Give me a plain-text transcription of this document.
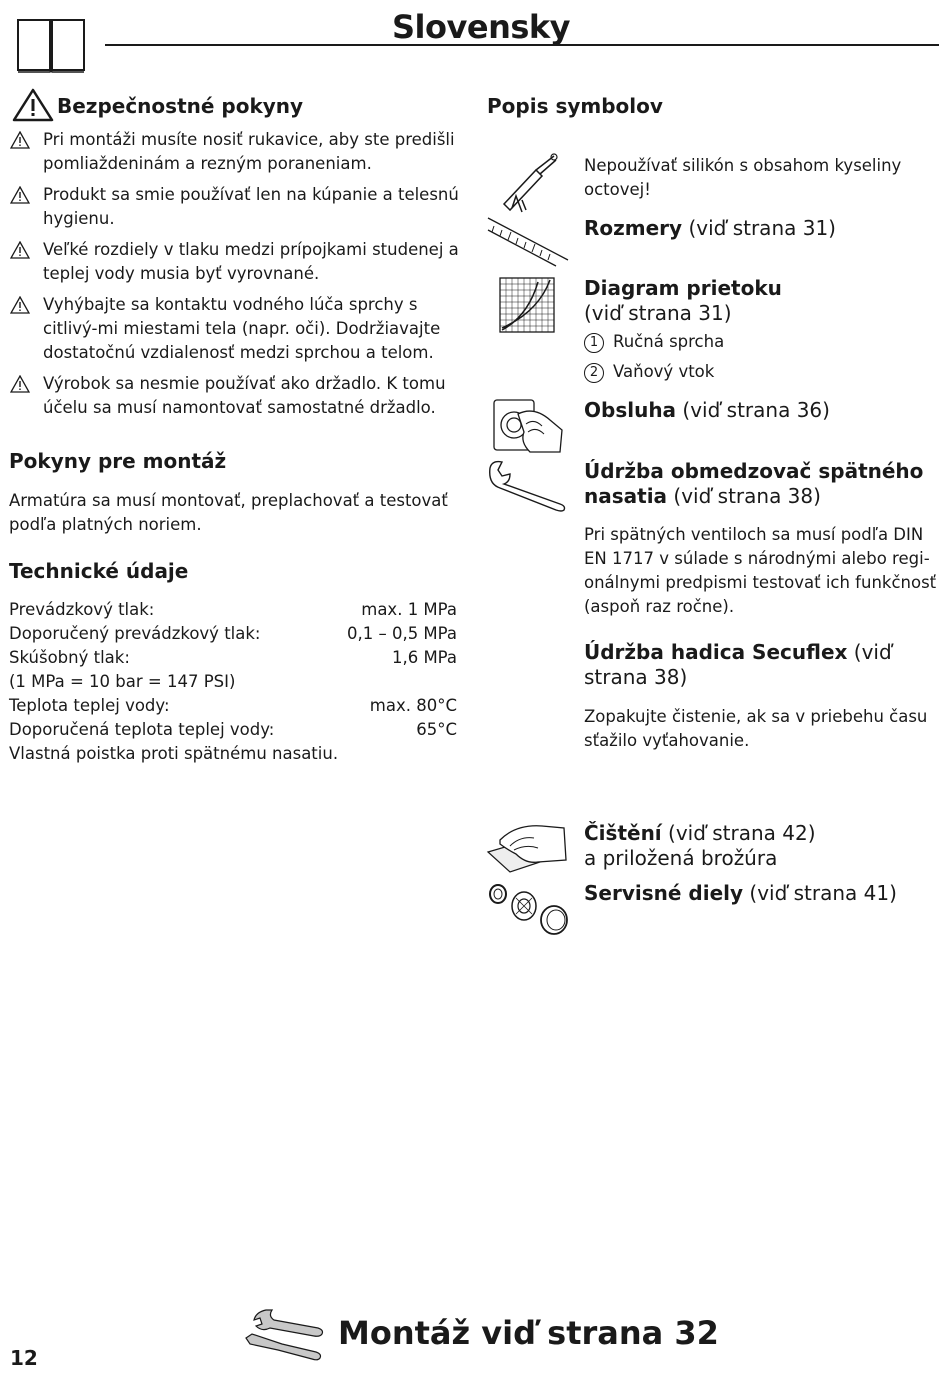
Slovensky
Bezpečnostné pokyny
Pri montáži musíte nosiť rukavice, aby ste predišli pomliaždeninám a rezným poraneniam.
Produkt sa smie používať len na kúpanie a telesnú hygienu.
Veľké rozdiely v tlaku medzi prípojkami studenej a teplej vody musia byť vyrovnané.
Vyhýbajte sa kontaktu vodného lúča sprchy s citlivý-mi miestami tela (napr. oči). Dodržiavajte dostatočnú vzdialenosť medzi sprchou a telom.
Výrobok sa nesmie používať ako držadlo. K tomu účelu sa musí namontovať samostatné držadlo.
Pokyny pre montáž
Armatúra sa musí montovať, preplachovať a testovať podľa platných noriem.
Technické údaje
Prevádzkový tlak:	max. 1 MPa
Doporučený prevádzkový tlak:	0,1 – 0,5 MPa
Skúšobný tlak:	1,6 MPa
(1 MPa = 10 bar = 147 PSI)
Teplota teplej vody:	max. 80°C
Doporučená teplota teplej vody:	65°C
Vlastná poistka proti spätnému nasatiu.
Popis symbolov
Nepoužívať silikón s obsahom kyseliny octovej!
Rozmery (viď strana 31)
Diagram prietoku
(viď strana 31)
1 Ručná sprcha
2 Vaňový vtok
Obsluha (viď strana 36)
Údržba obmedzovač spätného nasatia (viď strana 38)
Pri spätných ventiloch sa musí podľa DIN EN 1717 v súlade s národnými alebo regi-onálnymi predpismi testovať ich funkčnosť (aspoň raz ročne).
Údržba hadica Secuflex (viď strana 38)
Zopakujte čistenie, ak sa v priebehu času sťažilo vyťahovanie.
Čištění (viď strana 42)
a priložená brožúra
Servisné diely (viď strana 41)
Montáž viď strana 32
12
